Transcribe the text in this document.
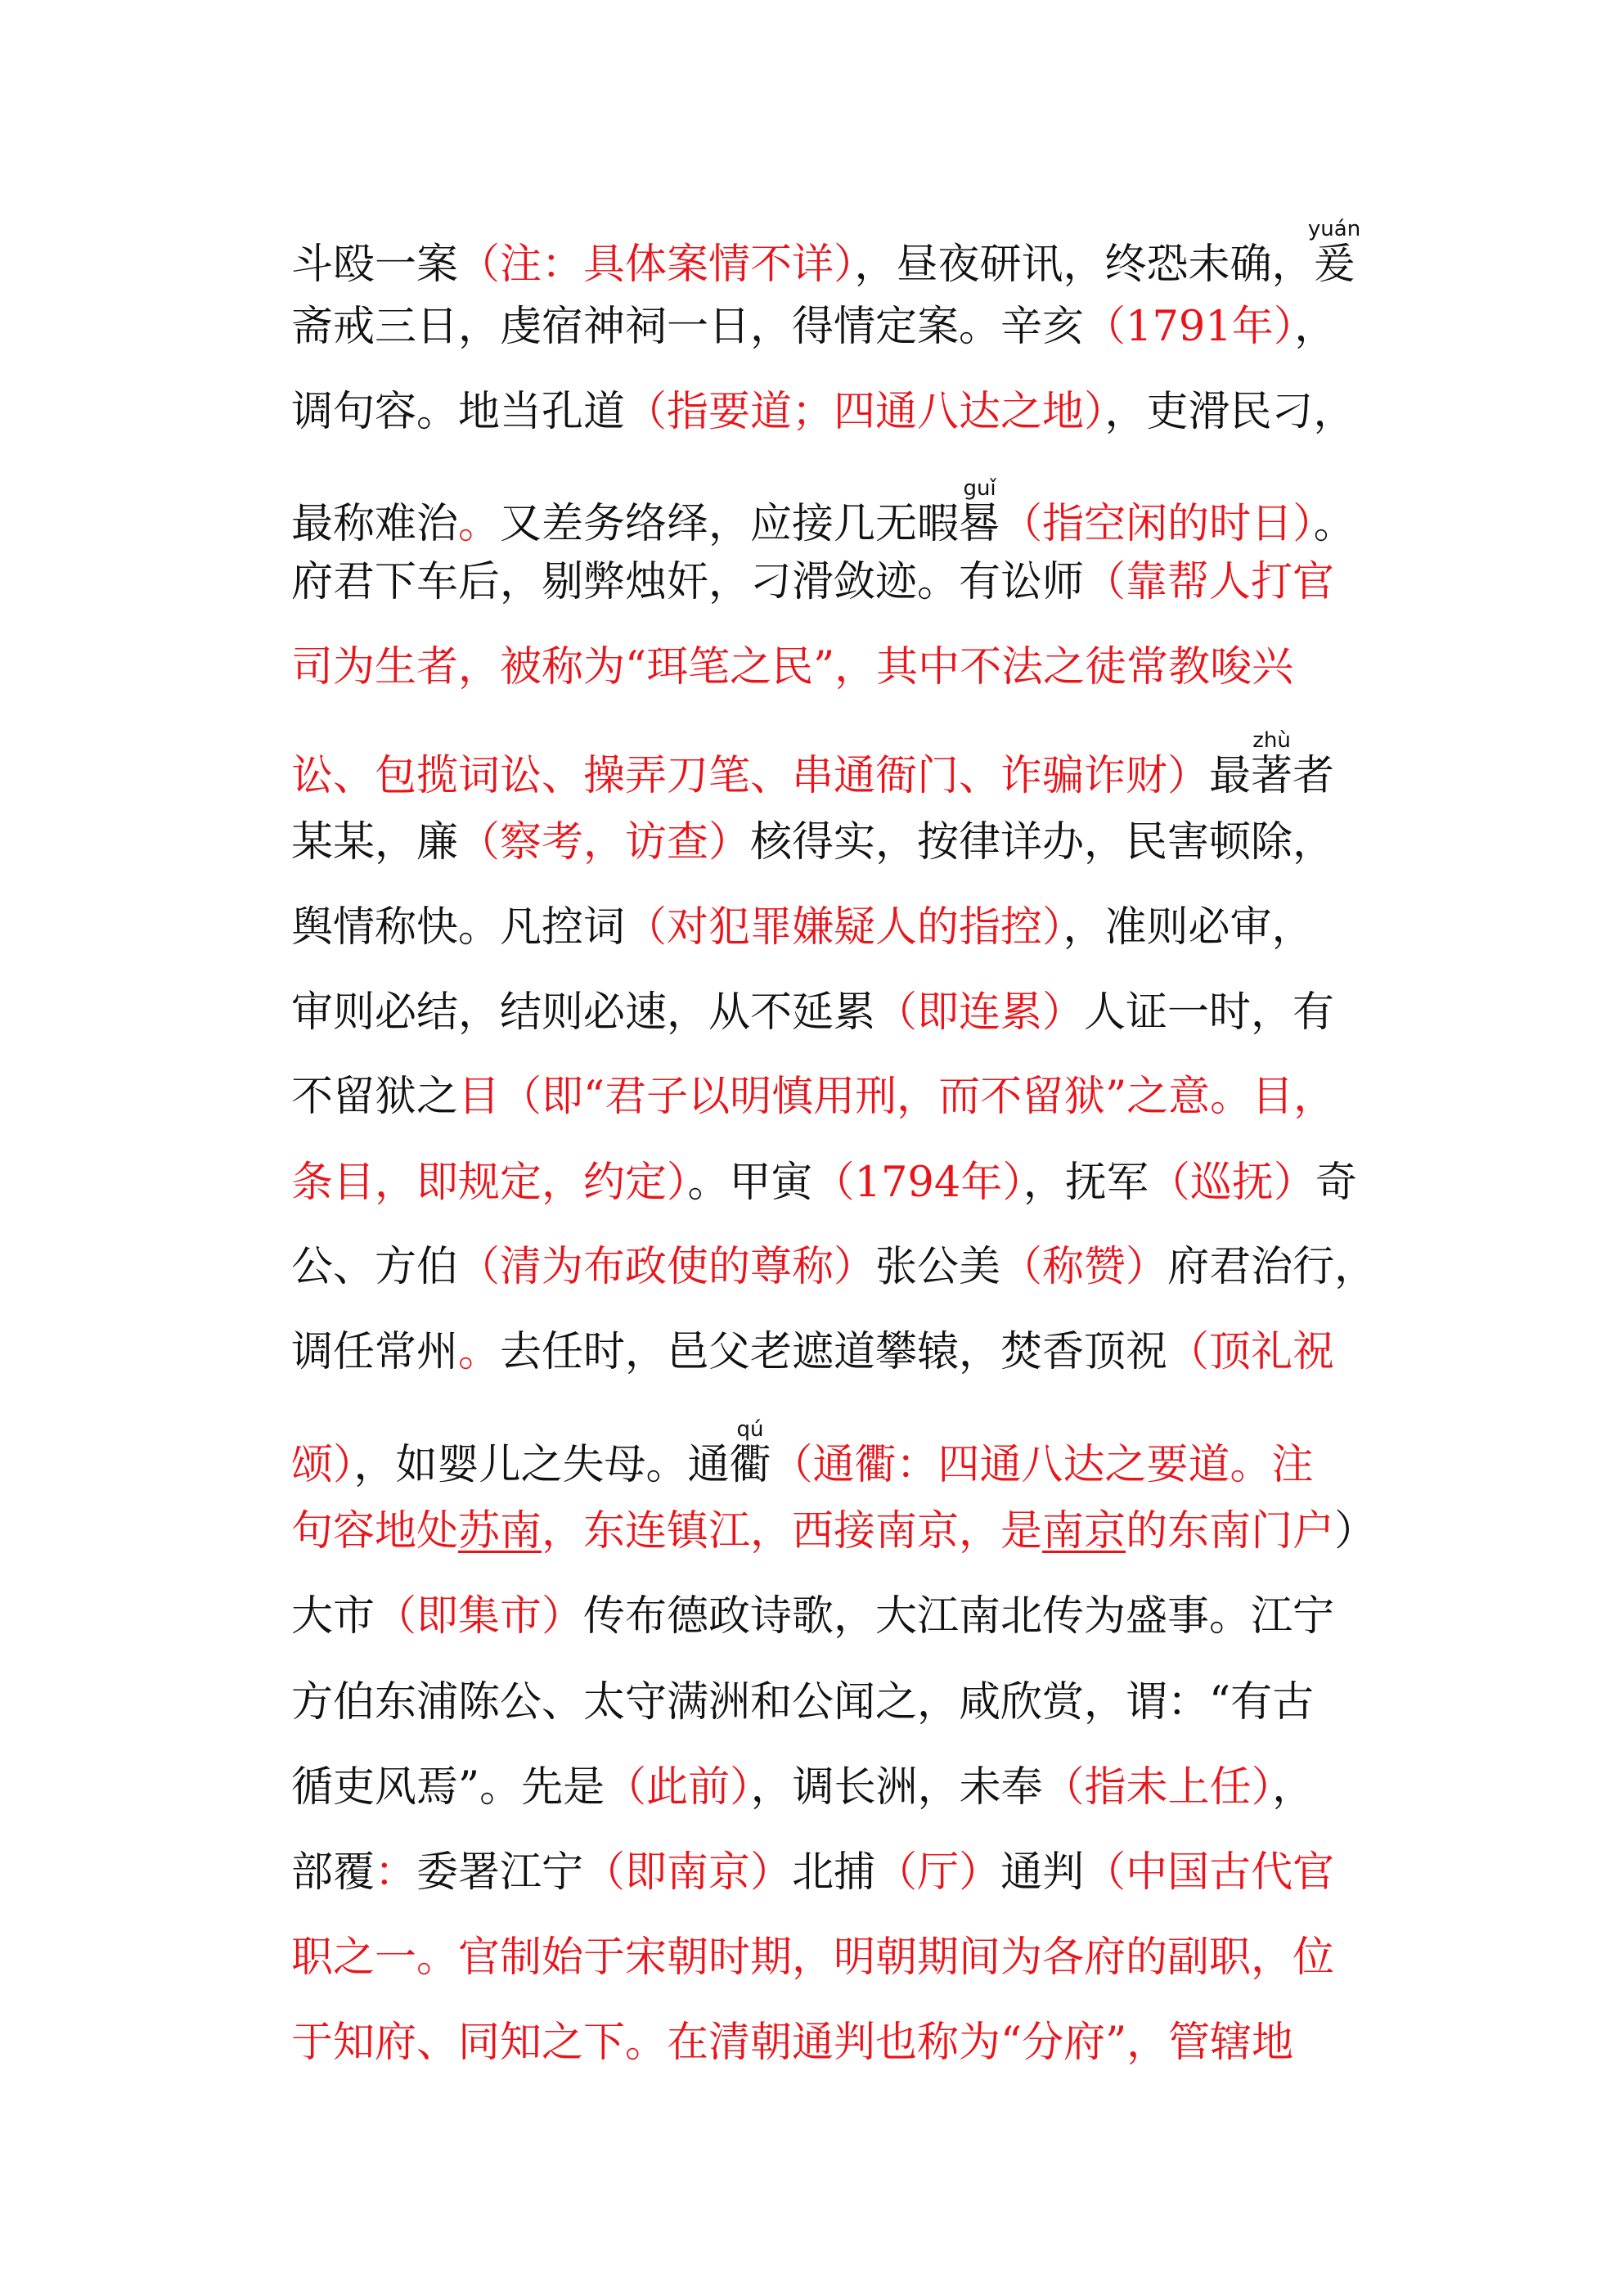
斗殴一案（注：具体案情不详），昼夜研讯，终恐未确，爰yuán
斋戒三日，虔宿神祠一日，得情定案。辛亥（1791年），
调句容。地当孔道（指要道；四通八达之地），吏滑民刁，
最称难治。又差务络绎，应接几无暇晷guǐ（指空闲的时日）。
府君下车后，剔弊烛奸，刁滑敛迹。有讼师（靠帮人打官
司为生者，被称为“珥笔之民”，其中不法之徒常教唆兴
讼、包揽词讼、操弄刀笔、串通衙门、诈骗诈财）最著zhù者
某某，廉（察考，访查）核得实，按律详办，民害顿除，
舆情称快。凡控词（对犯罪嫌疑人的指控），准则必审，
审则必结，结则必速，从不延累（即连累）人证一时，有
不留狱之目（即“君子以明慎用刑，而不留狱”之意。目，
条目，即规定，约定）。甲寅（1794年），抚军（巡抚）奇
公、方伯（清为布政使的尊称）张公美（称赞）府君治行，
调任常州。去任时，邑父老遮道攀辕，焚香顶祝（顶礼祝
颂），如婴儿之失母。通衢qú（通衢：四通八达之要道。注
句容地处苏南，东连镇江，西接南京，是南京的东南门户）
大市（即集市）传布德政诗歌，大江南北传为盛事。江宁
方伯东浦陈公、太守满洲和公闻之，咸欣赏，谓：“有古
循吏风焉”。先是（此前），调长洲，未奉（指未上任），
部覆：委署江宁（即南京）北捕（厅）通判（中国古代官
职之一。官制始于宋朝时期，明朝期间为各府的副职，位
于知府、同知之下。在清朝通判也称为“分府”，管辖地
